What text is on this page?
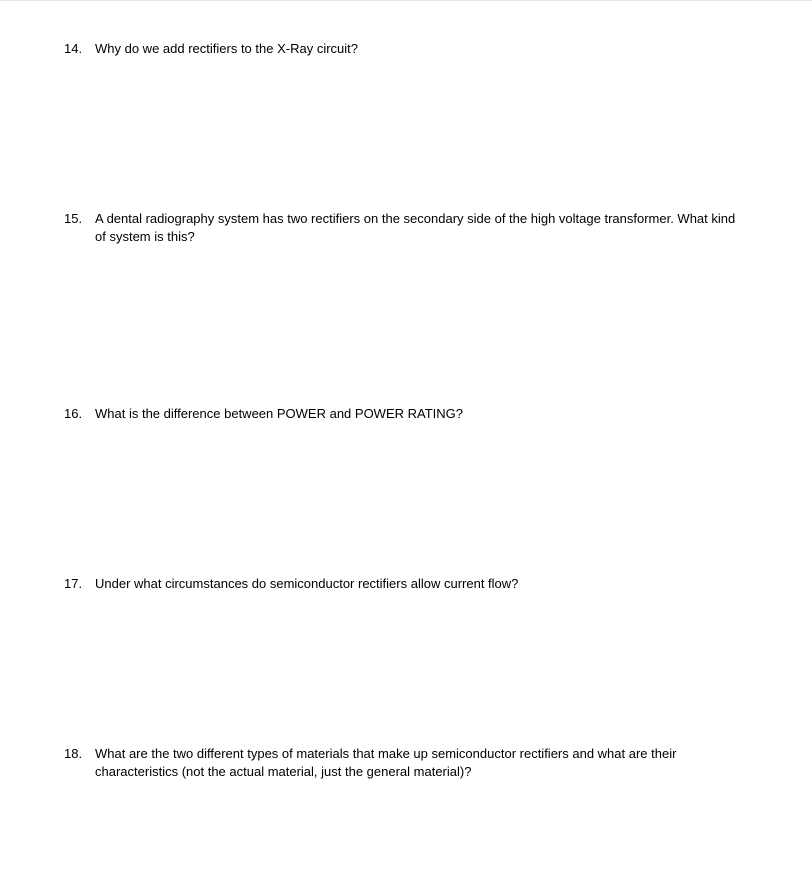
14. Why do we add rectifiers to the X-Ray circuit?
15. A dental radiography system has two rectifiers on the secondary side of the high voltage transformer. What kind of system is this?
16. What is the difference between POWER and POWER RATING?
17. Under what circumstances do semiconductor rectifiers allow current flow?
18. What are the two different types of materials that make up semiconductor rectifiers and what are their characteristics (not the actual material, just the general material)?
